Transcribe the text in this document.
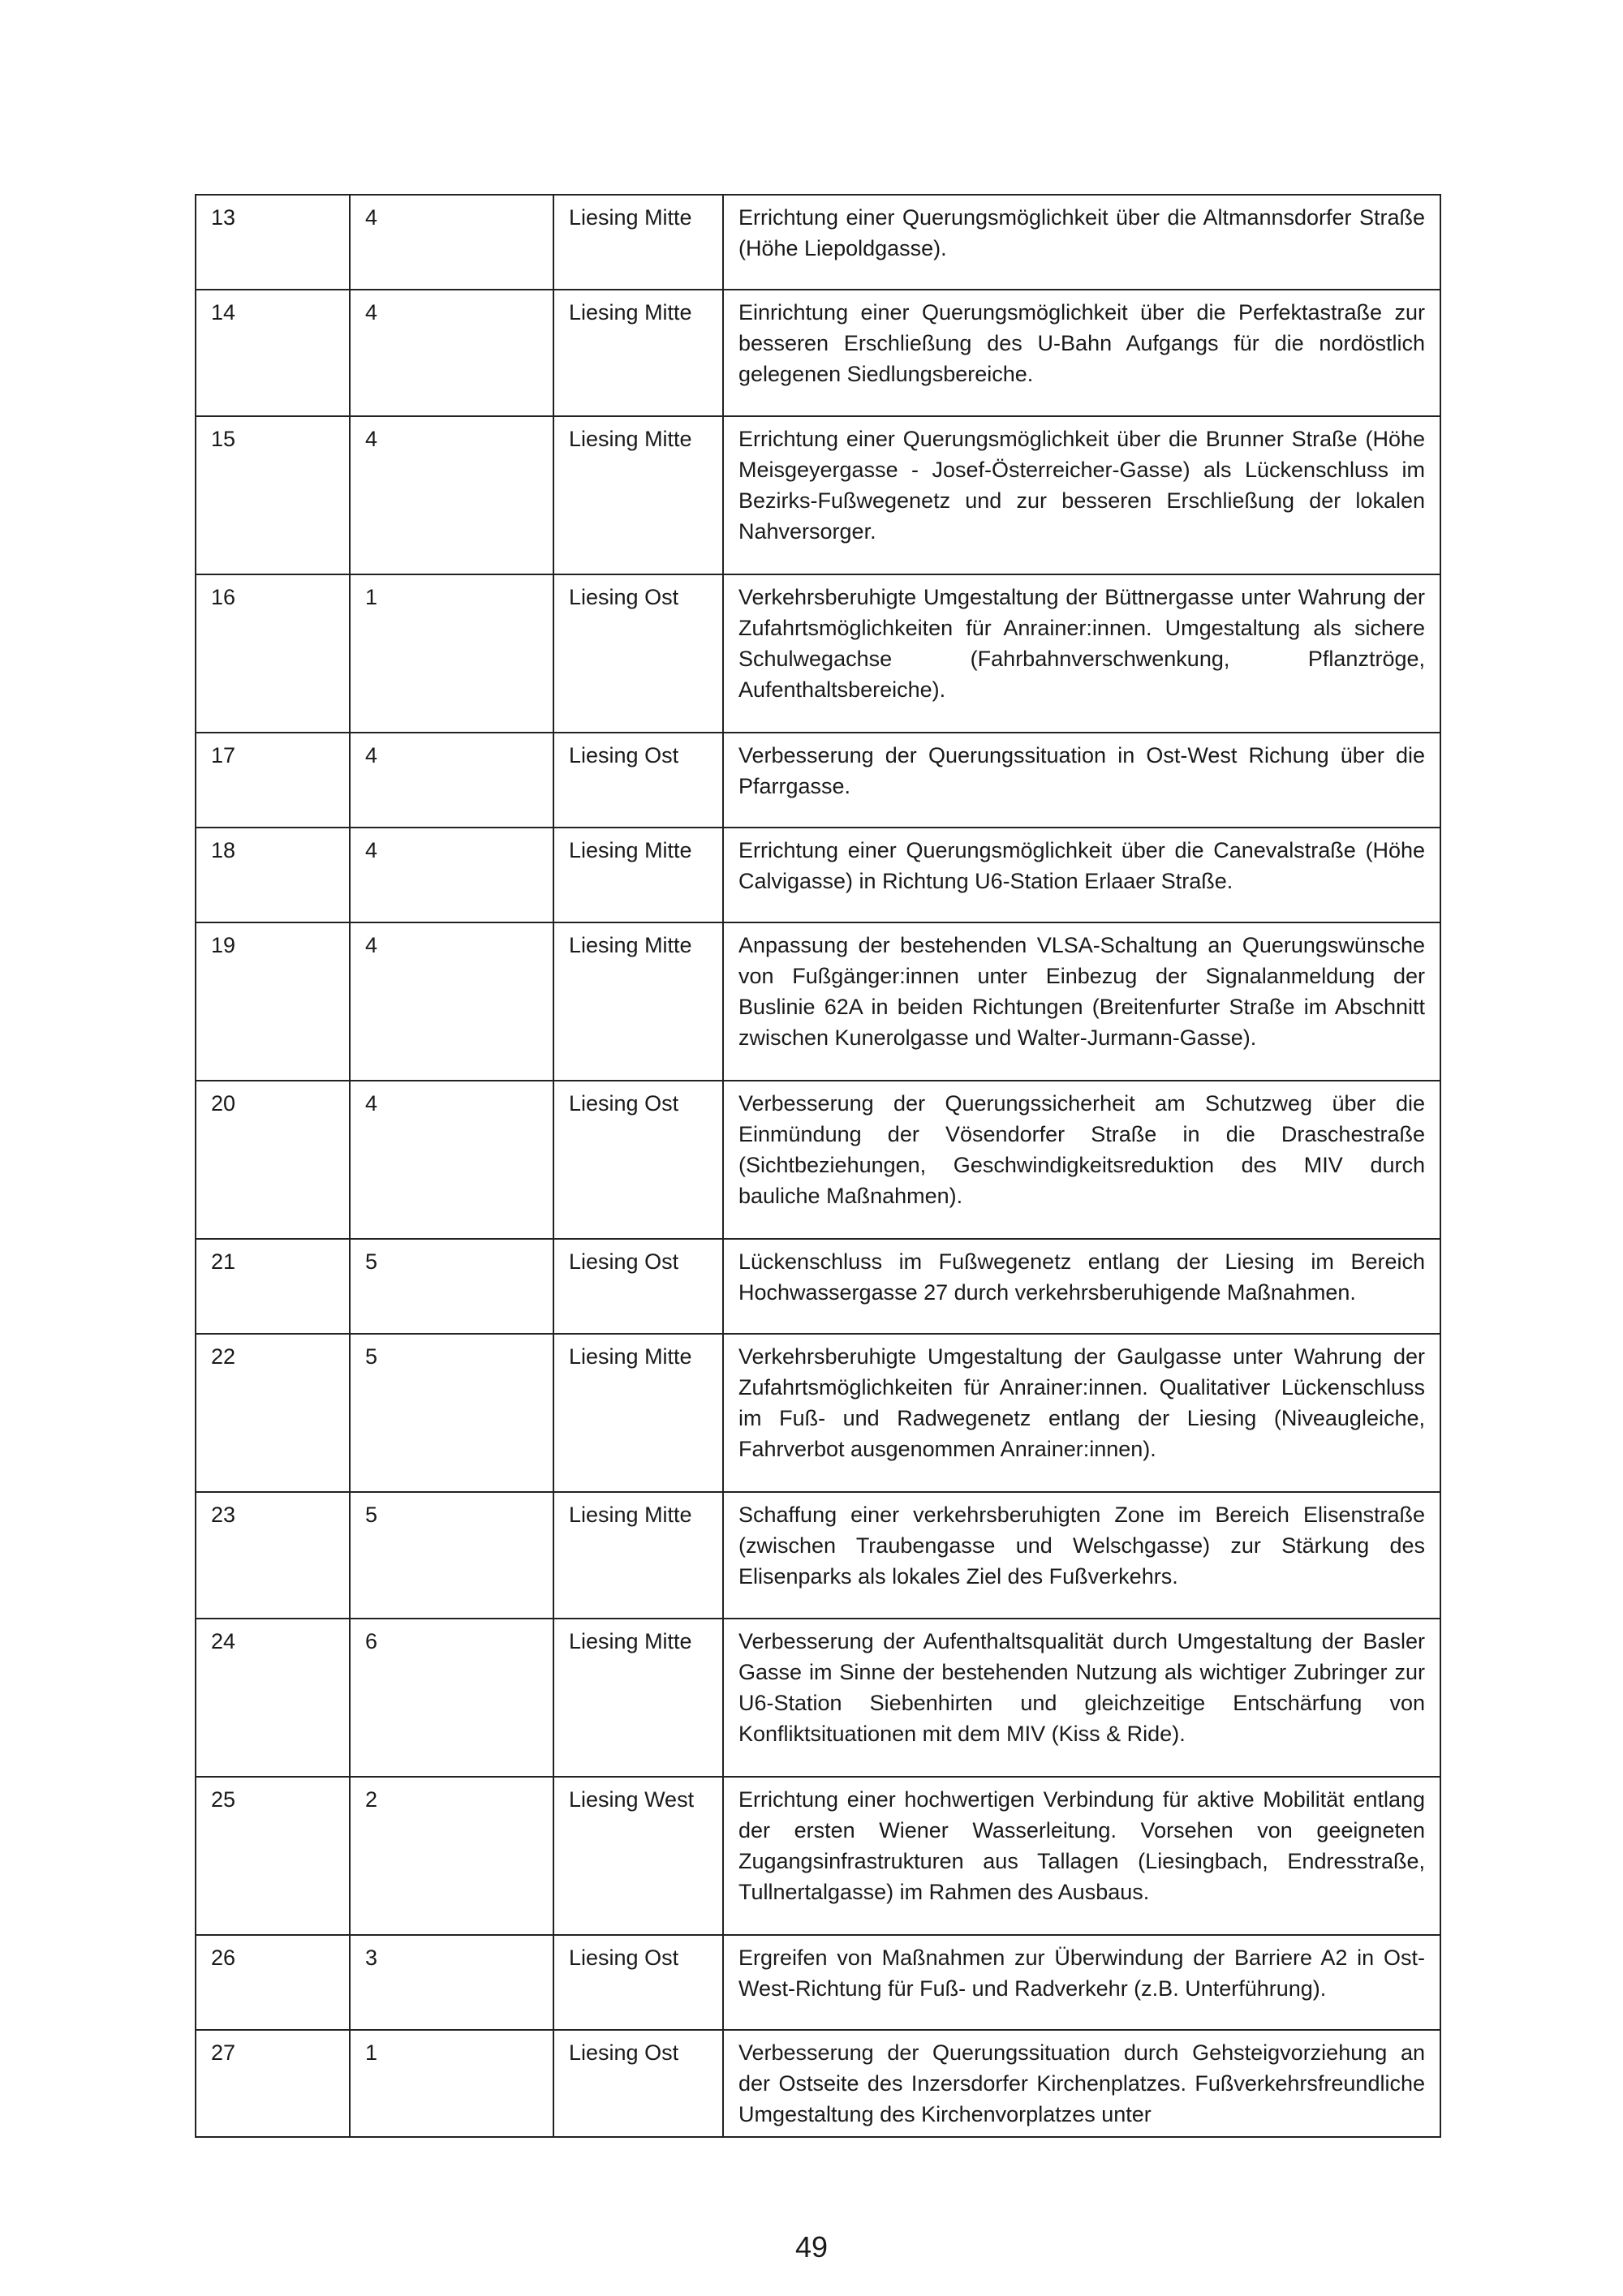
13	4	Liesing Mitte	Errichtung einer Querungsmöglichkeit über die Altmannsdorfer Straße (Höhe Liepoldgasse).
14	4	Liesing Mitte	Einrichtung einer Querungsmöglichkeit über die Perfektastraße zur besseren Erschließung des U-Bahn Aufgangs für die nordöstlich gelegenen Siedlungsbereiche.
15	4	Liesing Mitte	Errichtung einer Querungsmöglichkeit über die Brunner Straße (Höhe Meisgeyergasse - Josef-Österreicher-Gasse) als Lückenschluss im Bezirks-Fußwegenetz und zur besseren Erschließung der lokalen Nahversorger.
16	1	Liesing Ost	Verkehrsberuhigte Umgestaltung der Büttnergasse unter Wahrung der Zufahrtsmöglichkeiten für Anrainer:innen. Umgestaltung als sichere Schulwegachse (Fahrbahnverschwenkung, Pflanztröge, Aufenthaltsbereiche).
17	4	Liesing Ost	Verbesserung der Querungssituation in Ost-West Richung über die Pfarrgasse.
18	4	Liesing Mitte	Errichtung einer Querungsmöglichkeit über die Canevalstraße (Höhe Calvigasse) in Richtung U6-Station Erlaaer Straße.
19	4	Liesing Mitte	Anpassung der bestehenden VLSA-Schaltung an Querungswünsche von Fußgänger:innen unter Einbezug der Signalanmeldung der Buslinie 62A in beiden Richtungen (Breitenfurter Straße im Abschnitt zwischen Kunerolgasse und Walter-Jurmann-Gasse).
20	4	Liesing Ost	Verbesserung der Querungssicherheit am Schutzweg über die Einmündung der Vösendorfer Straße in die Draschestraße (Sichtbeziehungen, Geschwindigkeitsreduktion des MIV durch bauliche Maßnahmen).
21	5	Liesing Ost	Lückenschluss im Fußwegenetz entlang der Liesing im Bereich Hochwassergasse 27 durch verkehrsberuhigende Maßnahmen.
22	5	Liesing Mitte	Verkehrsberuhigte Umgestaltung der Gaulgasse unter Wahrung der Zufahrtsmöglichkeiten für Anrainer:innen. Qualitativer Lückenschluss im Fuß- und Radwegenetz entlang der Liesing (Niveaugleiche, Fahrverbot ausgenommen Anrainer:innen).
23	5	Liesing Mitte	Schaffung einer verkehrsberuhigten Zone im Bereich Elisenstraße (zwischen Traubengasse und Welschgasse) zur Stärkung des Elisenparks als lokales Ziel des Fußverkehrs.
24	6	Liesing Mitte	Verbesserung der Aufenthaltsqualität durch Umgestaltung der Basler Gasse im Sinne der bestehenden Nutzung als wichtiger Zubringer zur U6-Station Siebenhirten und gleichzeitige Entschärfung von Konfliktsituationen mit dem MIV (Kiss & Ride).
25	2	Liesing West	Errichtung einer hochwertigen Verbindung für aktive Mobilität entlang der ersten Wiener Wasserleitung. Vorsehen von geeigneten Zugangsinfrastrukturen aus Tallagen (Liesingbach, Endresstraße, Tullnertalgasse) im Rahmen des Ausbaus.
26	3	Liesing Ost	Ergreifen von Maßnahmen zur Überwindung der Barriere A2 in Ost-West-Richtung für Fuß- und Radverkehr (z.B. Unterführung).
27	1	Liesing Ost	Verbesserung der Querungssituation durch Gehsteigvorziehung an der Ostseite des Inzersdorfer Kirchenplatzes. Fußverkehrsfreundliche Umgestaltung des Kirchenvorplatzes unter
49
